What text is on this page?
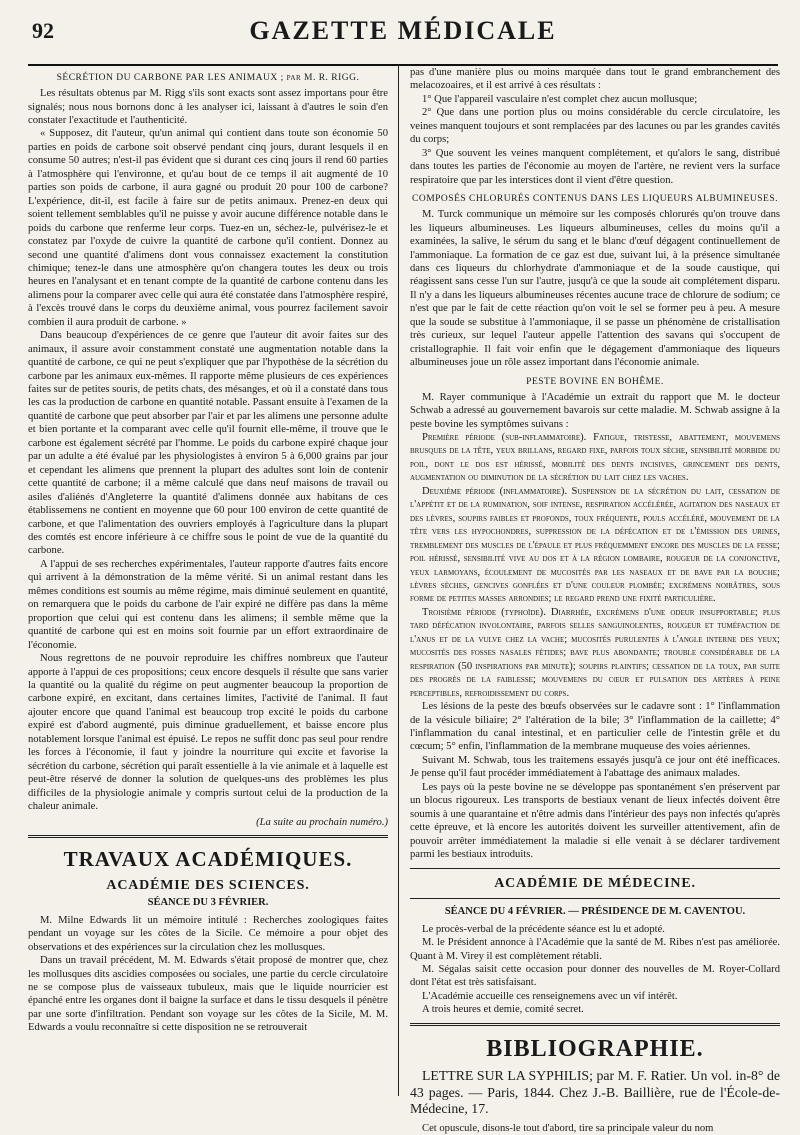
92	GAZETTE MÉDICALE
SÉCRÉTION DU CARBONE PAR LES ANIMAUX ; par M. R. RIGG.

Les résultats obtenus par M. Rigg s'ils sont exacts sont assez importans pour être signalés; nous nous bornons donc à les analyser ici, laissant à d'autres le soin d'en constater l'exactitude et l'authenticité.

« Supposez, dit l'auteur, qu'un animal qui contient dans toute son économie 50 parties en poids de carbone soit observé pendant cinq jours, durant lesquels il en consume 50 autres; n'est-il pas évident que si durant ces cinq jours il rend 60 parties à l'atmosphère qui l'environne, et qu'au bout de ce temps il ait augmenté de 10 parties son poids de carbone, il aura gagné ou produit 20 pour 100 de carbone? L'expérience, dit-il, est facile à faire sur de petits animaux. Prenez-en deux qui soient tellement semblables qu'il ne puisse y avoir aucune différence notable dans le poids du carbone que renferme leur corps. Tuez-en un, séchez-le, pulvérisez-le et constatez par l'oxyde de cuivre la quantité de carbone qu'il contient. Donnez au second une quantité d'alimens dont vous connaissez exactement la constitution chimique; tenez-le dans une atmosphère qu'on changera toutes les deux ou trois heures en l'analysant et en tenant compte de la quantité de carbone contenu dans les alimens pour la comparer avec celle qui aura été constatée dans l'atmosphère respiré, à l'excès trouvé dans le corps du deuxième animal, vous pourrez facilement savoir combien il aura produit de carbone. »

Dans beaucoup d'expériences de ce genre que l'auteur dit avoir faites sur des animaux, il assure avoir constamment constaté une augmentation notable dans la quantité de carbone, ce qui ne peut s'expliquer que par l'hypothèse de la sécrétion du carbone par les animaux eux-mêmes. Il rapporte même plusieurs de ces expériences faites sur de petites souris, de petits chats, des mésanges, et où il a constaté dans tous les cas la production de carbone en quantité notable. Passant ensuite à l'examen de la quantité de carbone que peut absorber par l'air et par les alimens une personne adulte et bien portante et la comparant avec celle qu'il fournit elle-même, il trouve que le carbone est également sécrété par l'homme. Le poids du carbone expiré chaque jour par un adulte a été évalué par les physiologistes à environ 5 à 6,000 grains par jour et cependant les alimens que prennent la plupart des adultes sont loin de contenir cette quantité de carbone; il a même calculé que dans neuf maisons de travail ou asiles d'aliénés d'Angleterre la quantité d'alimens donnée aux habitans de ces établissemens ne contient en moyenne que 60 pour 100 environ de cette quantité de carbone, et que l'alimentation des ouvriers employés à l'agriculture dans la plupart des comtés est encore inférieure à ce chiffre sous le point de vue de la quantité du carbone.

A l'appui de ses recherches expérimentales, l'auteur rapporte d'autres faits encore qui arrivent à la démonstration de la même vérité. Si un animal restant dans les mêmes conditions est soumis au même régime, mais diminué seulement en quantité, on remarquera que le poids du carbone de l'air expiré ne diffère pas dans la même proportion que celui qui est contenu dans les alimens; il semble même que la quantité de carbone qui est en moins soit fournie par un effort extraordinaire de l'économie.

Nous regrettons de ne pouvoir reproduire les chiffres nombreux que l'auteur apporte à l'appui de ces propositions; ceux encore desquels il résulte que sans varier la quantité ou la qualité du régime on peut augmenter beaucoup la proportion de carbone expiré, en excitant, dans certaines limites, l'activité de l'animal. Il faut ajouter encore que quand l'animal est beaucoup trop excité le poids du carbone expiré est d'abord augmenté, puis diminue graduellement, et baisse encore plus notablement lorsque l'animal est épuisé. Le repos ne suffit donc pas seul pour rendre les forces à l'économie, il faut y joindre la nourriture qui excite et favorise la sécrétion du carbone, sécrétion qui paraît essentielle à la vie animale et à laquelle est peut-être réservé de donner la solution de quelques-uns des problèmes les plus difficiles de la physiologie animale y compris surtout celui de la production de la chaleur animale.

(La suite au prochain numéro.)
TRAVAUX ACADÉMIQUES.
ACADÉMIE DES SCIENCES.
SÉANCE DU 3 FÉVRIER.

M. Milne Edwards lit un mémoire intitulé : Recherches zoologiques faites pendant un voyage sur les côtes de la Sicile. Ce mémoire a pour objet des observations et des expériences sur la circulation chez les mollusques.

Dans un travail précédent, M. M. Edwards s'était proposé de montrer que, chez les mollusques dits ascidies composées ou sociales, une partie du cercle circulatoire ne se compose plus de vaisseaux tubuleux, mais que le liquide nourricier est épanché entre les organes dont il baigne la surface et dans le tissu desquels il pénètre par une sorte d'infiltration. Pendant son voyage sur les côtes de la Sicile, M. M. Edwards a voulu reconnaître si cette disposition ne se retrouverait

pas d'une manière plus ou moins marquée dans tout le grand embranchement des melacozoaires, et il est arrivé à ces résultats :

1° Que l'appareil vasculaire n'est complet chez aucun mollusque;

2° Que dans une portion plus ou moins considérable du cercle circulatoire, les veines manquent toujours et sont remplacées par des lacunes ou par les grandes cavités du corps;

3° Que souvent les veines manquent complétement, et qu'alors le sang, distribué dans toutes les parties de l'économie au moyen de l'artère, ne revient vers la surface respiratoire que par les interstices dont il vient d'être question.

COMPOSÉS CHLORURÉS CONTENUS DANS LES LIQUEURS ALBUMINEUSES.

M. Turck communique un mémoire sur les composés chlorurés qu'on trouve dans les liqueurs albumineuses. Les liqueurs albumineuses, celles du moins qu'il a examinées, la salive, le sérum du sang et le blanc d'œuf dégagent continuellement de l'ammoniaque. La formation de ce gaz est due, suivant lui, à la présence simultanée dans ces liqueurs du chlorhydrate d'ammoniaque et de la soude caustique, qui réagissent sans cesse l'un sur l'autre, jusqu'à ce que la soude ait complétement disparu. Il n'y a dans les liqueurs albumineuses récentes aucune trace de chlorure de sodium; ce n'est que par le fait de cette réaction qu'on voit le sel se former peu à peu. A mesure que la soude se substitue à l'ammoniaque, il se passe un phénomène de cristallisation très curieux, sur lequel l'auteur appelle l'attention des savans qui s'occupent de cristallographie. Il fait voir enfin que le dégagement d'ammoniaque des liqueurs albumineuses joue un rôle assez important dans l'économie animale.

PESTE BOVINE EN BOHÊME.

M. Rayer communique à l'Académie un extrait du rapport que M. le docteur Schwab a adressé au gouvernement bavarois sur cette maladie. M. Schwab assigne à la peste bovine les symptômes suivans :

Première période (sub-inflammatoire). Fatigue, tristesse, abattement, mouvemens brusques de la tête, yeux brillans, regard fixe, parfois toux sèche, sensibilité morbide du poil, dont le dos est hérissé, mobilité des dents incisives, grincement des dents, augmentation ou diminution de la sécrétion du lait chez les vaches.

Deuxième période (inflammatoire). Suspension de la sécrétion du lait, cessation de l'appétit et de la rumination, soif intense, respiration accélérée, agitation des naseaux et des lèvres, soupirs faibles et profonds, toux fréquente, pouls accéléré, mouvement de la tête vers les hypochondres, suppression de la défécation et de l'émission des urines, tremblement des muscles de l'épaule et plus fréquemment encore des muscles de la fesse; poil hérissé, sensibilité vive au dos et à la région lombaire, rougeur de la conjonctive, yeux larmoyans, écoulement de mucosités par les naseaux et de bave par la bouche; lèvres sèches, gencives gonflées et d'une couleur plombée; excrémens noirâtres, sous forme de petites masses arrondies; le regard prend une fixité particulière.

Troisième période (typhoïde). Diarrhée, excrémens d'une odeur insupportable; plus tard défécation involontaire, parfois selles sanguinolentes, rougeur et tuméfaction de l'anus et de la vulve chez la vache; mucosités purulentes à l'angle interne des yeux; mucosités des fosses nasales fétides; bave plus abondante; trouble considérable de la respiration (50 inspirations par minute); soupirs plaintifs; cessation de la toux, par suite des progrès de la faiblesse; mouvemens du cœur et pulsation des artères à peine perceptibles, refroidissement du corps.

Les lésions de la peste des bœufs observées sur le cadavre sont : 1° l'inflammation de la vésicule biliaire; 2° l'altération de la bile; 3° l'inflammation de la caillette; 4° l'inflammation du canal intestinal, et en particulier celle de l'intestin grêle et du cœcum; 5° enfin, l'inflammation de la membrane muqueuse des voies aériennes.

Suivant M. Schwab, tous les traitemens essayés jusqu'à ce jour ont été inefficaces. Je pense qu'il faut procéder immédiatement à l'abattage des animaux malades.

Les pays où la peste bovine ne se développe pas spontanément s'en préservent par un blocus rigoureux. Les transports de bestiaux venant de lieux infectés doivent être soumis à une quarantaine et n'être admis dans l'intérieur des pays non infectés qu'après cette épreuve, et là encore les autorités doivent les surveiller attentivement, afin de pouvoir arrêter immédiatement la maladie si elle venait à se déclarer tardivement parmi les bestiaux introduits.

ACADÉMIE DE MÉDECINE.
SÉANCE DU 4 FÉVRIER. — PRÉSIDENCE DE M. CAVENTOU.

Le procès-verbal de la précédente séance est lu et adopté.

M. le Président annonce à l'Académie que la santé de M. Ribes n'est pas améliorée. Quant à M. Virey il est complètement rétabli.

M. Ségalas saisit cette occasion pour donner des nouvelles de M. Royer-Collard dont l'état est très satisfaisant.

L'Académie accueille ces renseignemens avec un vif intérêt.

A trois heures et demie, comité secret.

BIBLIOGRAPHIE.
LETTRE SUR LA SYPHILIS; par M. F. Ratier. Un vol. in-8° de 43 pages. — Paris, 1844. Chez J.-B. Baillière, rue de l'École-de-Médecine, 17.

Cet opuscule, disons-le tout d'abord, tire sa principale valeur du nom
